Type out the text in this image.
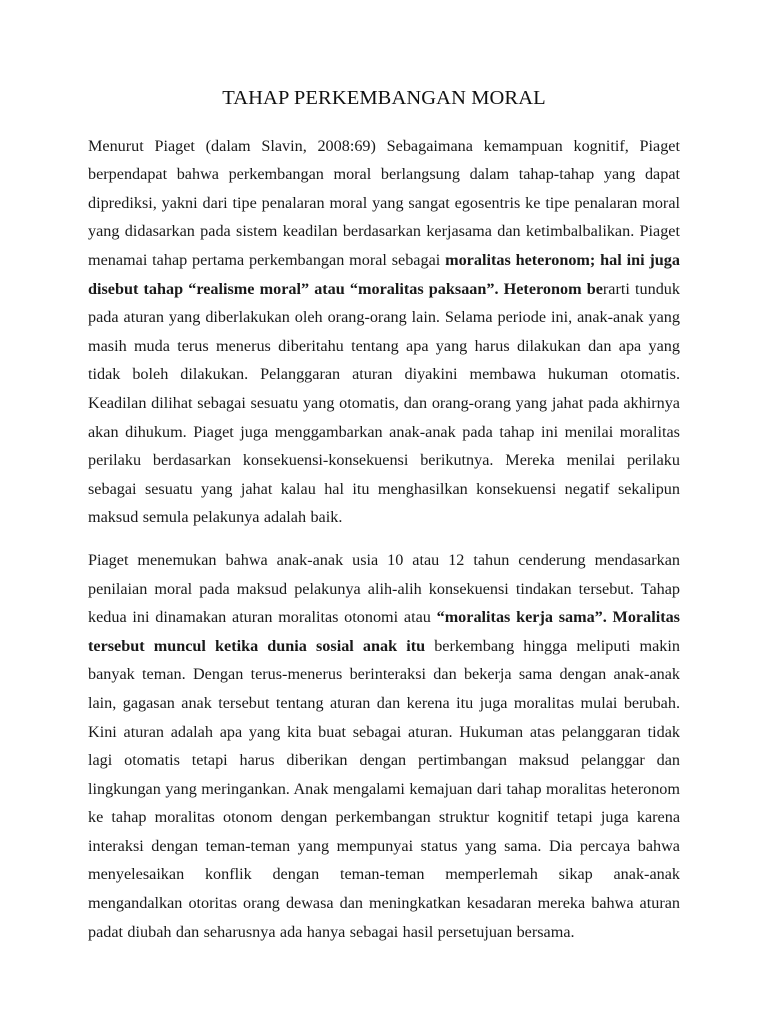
TAHAP PERKEMBANGAN MORAL

Menurut Piaget (dalam Slavin, 2008:69) Sebagaimana kemampuan kognitif, Piaget berpendapat bahwa perkembangan moral berlangsung dalam tahap-tahap yang dapat diprediksi, yakni dari tipe penalaran moral yang sangat egosentris ke tipe penalaran moral yang didasarkan pada sistem keadilan berdasarkan kerjasama dan ketimbalbalikan. Piaget menamai tahap pertama perkembangan moral sebagai moralitas heteronom; hal ini juga disebut tahap “realisme moral” atau “moralitas paksaan”. Heteronom berarti tunduk pada aturan yang diberlakukan oleh orang-orang lain. Selama periode ini, anak-anak yang masih muda terus menerus diberitahu tentang apa yang harus dilakukan dan apa yang tidak boleh dilakukan. Pelanggaran aturan diyakini membawa hukuman otomatis. Keadilan dilihat sebagai sesuatu yang otomatis, dan orang-orang yang jahat pada akhirnya akan dihukum. Piaget juga menggambarkan anak-anak pada tahap ini menilai moralitas perilaku berdasarkan konsekuensi-konsekuensi berikutnya. Mereka menilai perilaku sebagai sesuatu yang jahat kalau hal itu menghasilkan konsekuensi negatif sekalipun maksud semula pelakunya adalah baik.

Piaget menemukan bahwa anak-anak usia 10 atau 12 tahun cenderung mendasarkan penilaian moral pada maksud pelakunya alih-alih konsekuensi tindakan tersebut. Tahap kedua ini dinamakan aturan moralitas otonomi atau “moralitas kerja sama”. Moralitas tersebut muncul ketika dunia sosial anak itu berkembang hingga meliputi makin banyak teman. Dengan terus-menerus berinteraksi dan bekerja sama dengan anak-anak lain, gagasan anak tersebut tentang aturan dan kerena itu juga moralitas mulai berubah. Kini aturan adalah apa yang kita buat sebagai aturan. Hukuman atas pelanggaran tidak lagi otomatis tetapi harus diberikan dengan pertimbangan maksud pelanggar dan lingkungan yang meringankan. Anak mengalami kemajuan dari tahap moralitas heteronom ke tahap moralitas otonom dengan perkembangan struktur kognitif tetapi juga karena interaksi dengan teman-teman yang mempunyai status yang sama. Dia percaya bahwa menyelesaikan konflik dengan teman-teman memperlemah sikap anak-anak mengandalkan otoritas orang dewasa dan meningkatkan kesadaran mereka bahwa aturan padat diubah dan seharusnya ada hanya sebagai hasil persetujuan bersama.
